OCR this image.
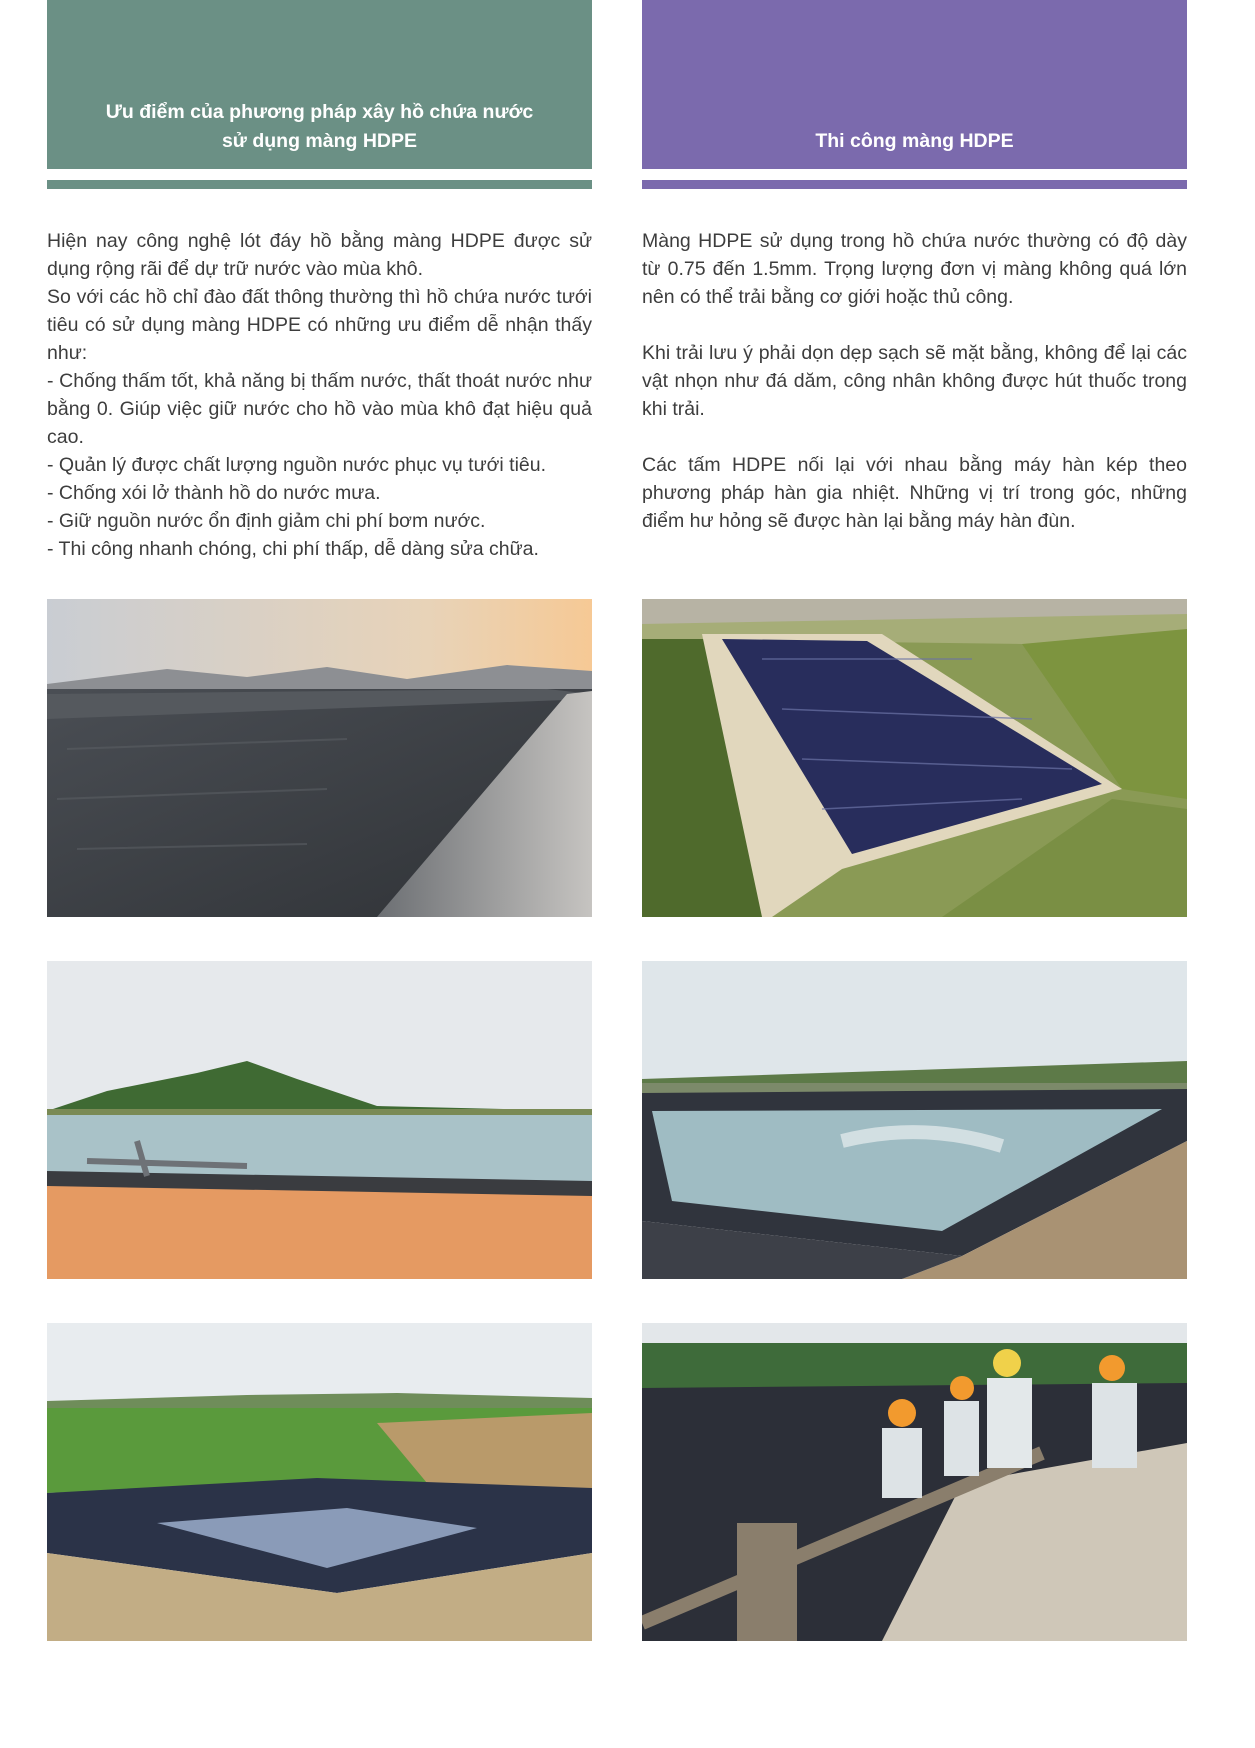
Ưu điểm của phương pháp xây hồ chứa nước
sử dụng màng HDPE

Hiện nay công nghệ lót đáy hồ bằng màng HDPE được sử dụng rộng rãi để dự trữ nước vào mùa khô.

So với các hồ chỉ đào đất thông thường thì hồ chứa nước tưới tiêu có sử dụng màng HDPE có những ưu điểm dễ nhận thấy như:

- Chống thấm tốt, khả năng bị thấm nước, thất thoát nước như bằng 0. Giúp việc giữ nước cho hồ vào mùa khô đạt hiệu quả cao.

- Quản lý được chất lượng nguồn nước phục vụ tưới tiêu.

- Chống xói lở thành hồ do nước mưa.

- Giữ nguồn nước ổn định giảm chi phí bơm nước.

- Thi công nhanh chóng, chi phí thấp, dễ dàng sửa chữa.

Thi công màng HDPE

Màng HDPE sử dụng trong hồ chứa nước thường có độ dày từ 0.75 đến 1.5mm. Trọng lượng đơn vị màng không quá lớn nên có thể trải bằng cơ giới hoặc thủ công.

Khi trải lưu ý phải dọn dẹp sạch sẽ mặt bằng, không để lại các vật nhọn như đá dăm, công nhân không được hút thuốc trong khi trải.

Các tấm HDPE nối lại với nhau bằng máy hàn kép theo phương pháp hàn gia nhiệt. Những vị trí trong góc, những điểm hư hỏng sẽ được hàn lại bằng máy hàn đùn.
